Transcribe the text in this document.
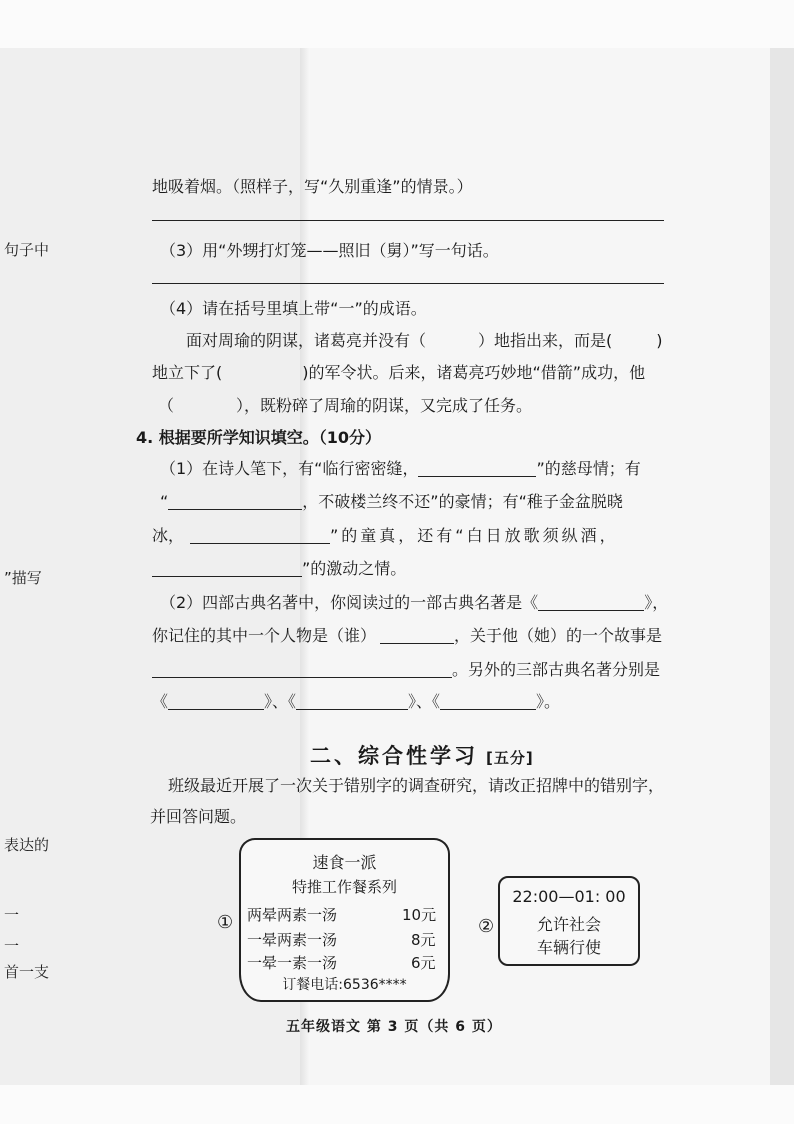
句子中
”描写
表达的
一
一
首一支
地吸着烟。（照样子，写“久别重逢”的情景。）
（3）用“外甥打灯笼——照旧（舅）”写一句话。
（4）请在括号里填上带“一”的成语。
面对周瑜的阴谋，诸葛亮并没有（	）地指出来，而是(	)
地立下了(	)的军令状。后来，诸葛亮巧妙地“借箭”成功，他
（	），既粉碎了周瑜的阴谋，又完成了任务。
4. 根据要所学知识填空。（10分）
（1）在诗人笔下，有“临行密密缝，	”的慈母情；有
“	，不破楼兰终不还”的豪情；有“稚子金盆脱晓
冰，	”的童真，还有“白日放歌须纵酒，
”的激动之情。
（2）四部古典名著中，你阅读过的一部古典名著是《	》，
你记住的其中一个人物是（谁）	，关于他（她）的一个故事是
。另外的三部古典名著分别是
《	》、《	》、《	》。
二、综合性学习 [五分]
班级最近开展了一次关于错别字的调查研究，请改正招牌中的错别字，
并回答问题。
①
速食一派
特推工作餐系列
两晕两素一汤	10元
一晕两素一汤	8元
一晕一素一汤	6元
订餐电话:6536****
②
22:00—01: 00
允许社会
车辆行使
五年级语文 第 3 页（共 6 页）
